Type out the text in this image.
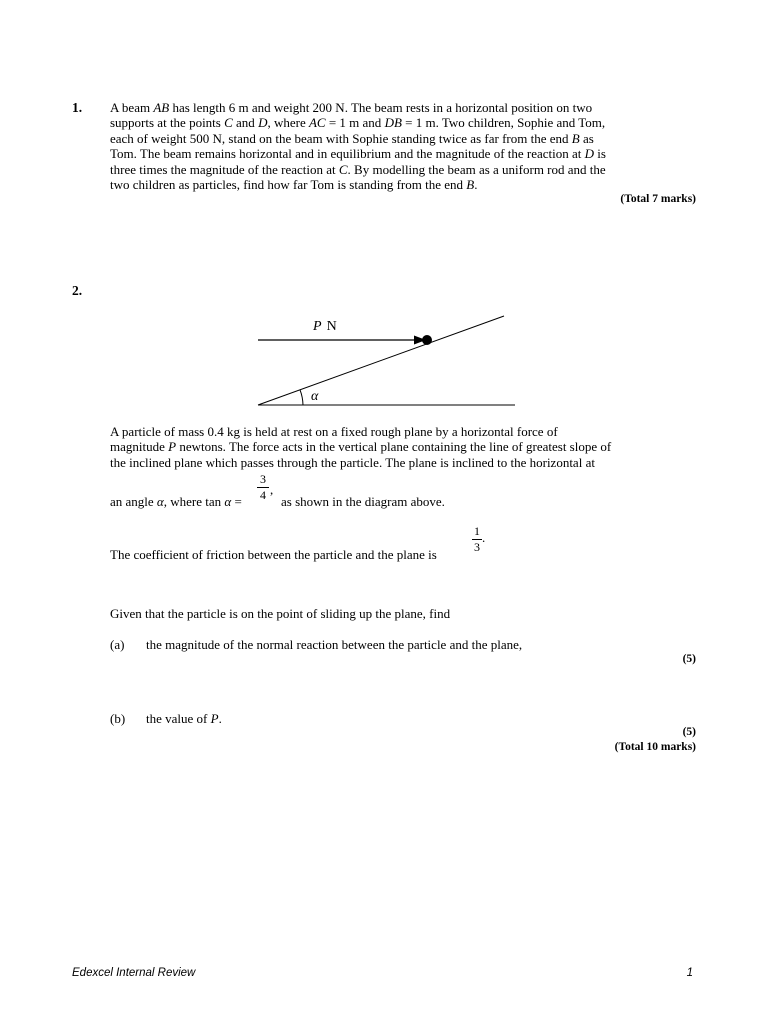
1. A beam AB has length 6 m and weight 200 N. The beam rests in a horizontal position on two
supports at the points C and D, where AC = 1 m and DB = 1 m. Two children, Sophie and Tom,
each of weight 500 N, stand on the beam with Sophie standing twice as far from the end B as
Tom. The beam remains horizontal and in equilibrium and the magnitude of the reaction at D is
three times the magnitude of the reaction at C. By modelling the beam as a uniform rod and the
two children as particles, find how far Tom is standing from the end B.
(Total 7 marks)
2.
P N
α
A particle of mass 0.4 kg is held at rest on a fixed rough plane by a horizontal force of
magnitude P newtons. The force acts in the vertical plane containing the line of greatest slope of
the inclined plane which passes through the particle. The plane is inclined to the horizontal at
an angle α, where tan α =
3
4 ,
as shown in the diagram above.
The coefficient of friction between the particle and the plane is
1
3
.
Given that the particle is on the point of sliding up the plane, find
(a) the magnitude of the normal reaction between the particle and the plane,
(5)
(b) the value of P.
(5)
(Total 10 marks)
Edexcel Internal Review	1
